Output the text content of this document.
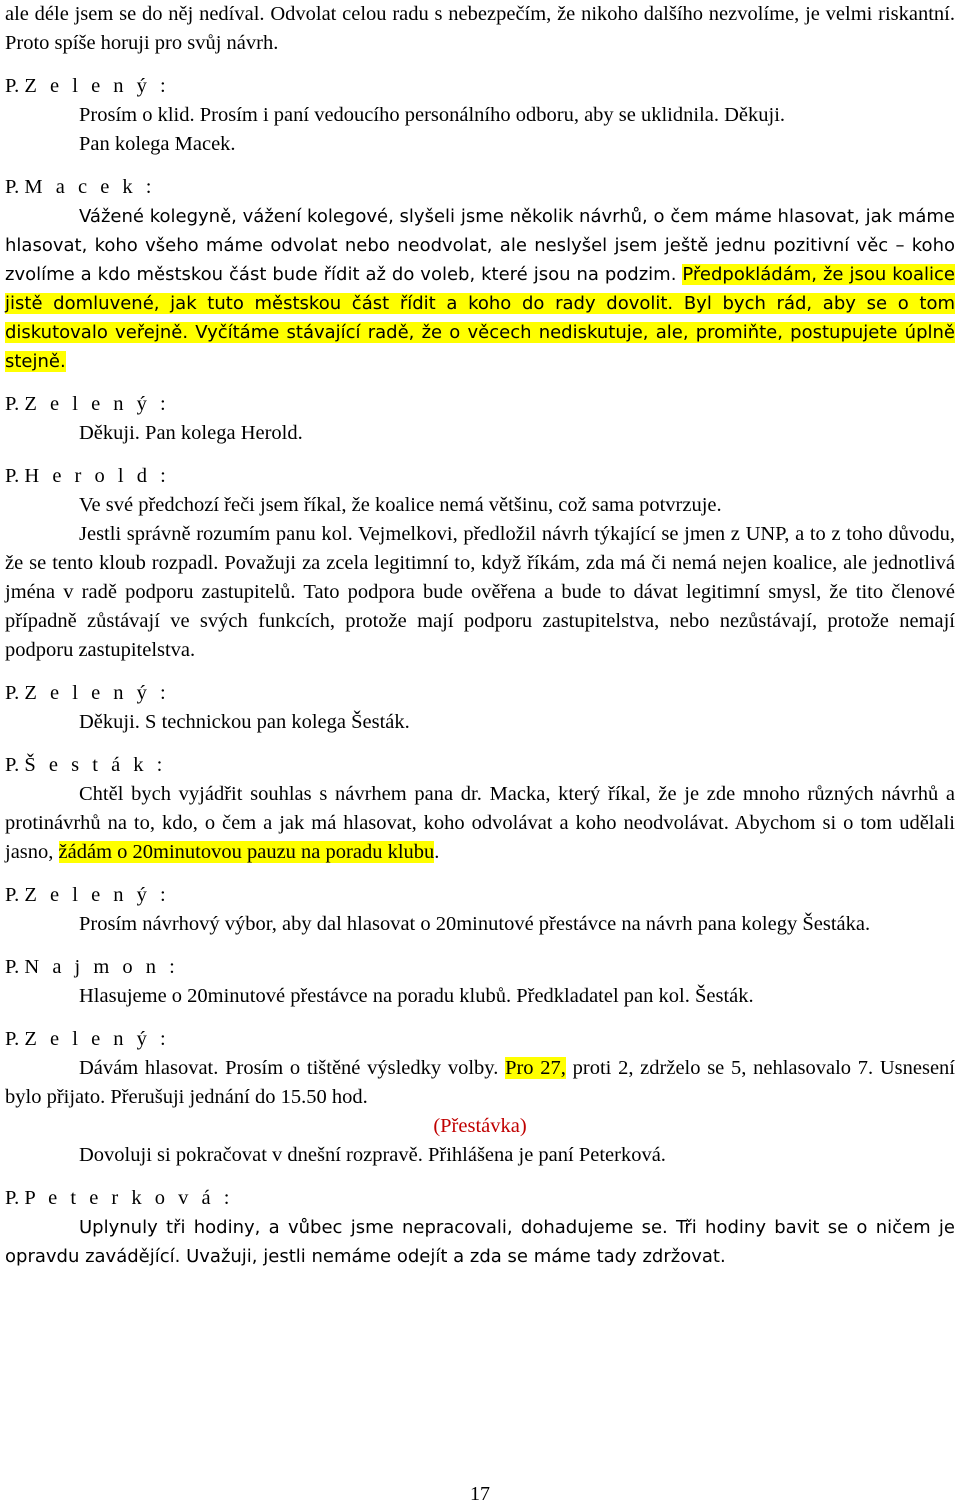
ale déle jsem se do něj nedíval. Odvolat celou radu s nebezpečím, že nikoho dalšího nezvolíme, je velmi riskantní. Proto spíše horuji pro svůj návrh.

P. Z e l e n ý :

Prosím o klid. Prosím i paní vedoucího personálního odboru, aby se uklidnila. Děkuji.

Pan kolega Macek.

P. M a c e k :

Vážené kolegyně, vážení kolegové, slyšeli jsme několik návrhů, o čem máme hlasovat, jak máme hlasovat, koho všeho máme odvolat nebo neodvolat, ale neslyšel jsem ještě jednu pozitivní věc – koho zvolíme a kdo městskou část bude řídit až do voleb, které jsou na podzim. Předpokládám, že jsou koalice jistě domluvené, jak tuto městskou část řídit a koho do rady dovolit. Byl bych rád, aby se o tom diskutovalo veřejně. Vyčítáme stávající radě, že o věcech nediskutuje, ale, promiňte, postupujete úplně stejně.

P. Z e l e n ý :

Děkuji. Pan kolega Herold.

P. H e r o l d :

Ve své předchozí řeči jsem říkal, že koalice nemá většinu, což sama potvrzuje.

Jestli správně rozumím panu kol. Vejmelkovi, předložil návrh týkající se jmen z UNP, a to z toho důvodu, že se tento kloub rozpadl. Považuji za zcela legitimní to, když říkám, zda má či nemá nejen koalice, ale jednotlivá jména v radě podporu zastupitelů. Tato podpora bude ověřena a bude to dávat legitimní smysl, že tito členové případně zůstávají ve svých funkcích, protože mají podporu zastupitelstva, nebo nezůstávají, protože nemají podporu zastupitelstva.

P. Z e l e n ý :

Děkuji. S technickou pan kolega Šesták.

P. Š e s t á k :

Chtěl bych vyjádřit souhlas s návrhem pana dr. Macka, který říkal, že je zde mnoho různých návrhů a protinávrhů na to, kdo, o čem a jak má hlasovat, koho odvolávat a koho neodvolávat. Abychom si o tom udělali jasno, žádám o 20minutovou pauzu na poradu klubu.

P. Z e l e n ý :

Prosím návrhový výbor, aby dal hlasovat o 20minutové přestávce na návrh pana kolegy Šestáka.

P. N a j m o n :

Hlasujeme o 20minutové přestávce na poradu klubů. Předkladatel pan kol. Šesták.

P. Z e l e n ý :

Dávám hlasovat. Prosím o tištěné výsledky volby. Pro 27, proti 2, zdrželo se 5, nehlasovalo 7. Usnesení bylo přijato. Přerušuji jednání do 15.50 hod.

(Přestávka)

Dovoluji si pokračovat v dnešní rozpravě. Přihlášena je paní Peterková.

P. P e t e r k o v á :

Uplynuly tři hodiny, a vůbec jsme nepracovali, dohadujeme se. Tři hodiny bavit se o ničem je opravdu zavádějící. Uvažuji, jestli nemáme odejít a zda se máme tady zdržovat.

17
